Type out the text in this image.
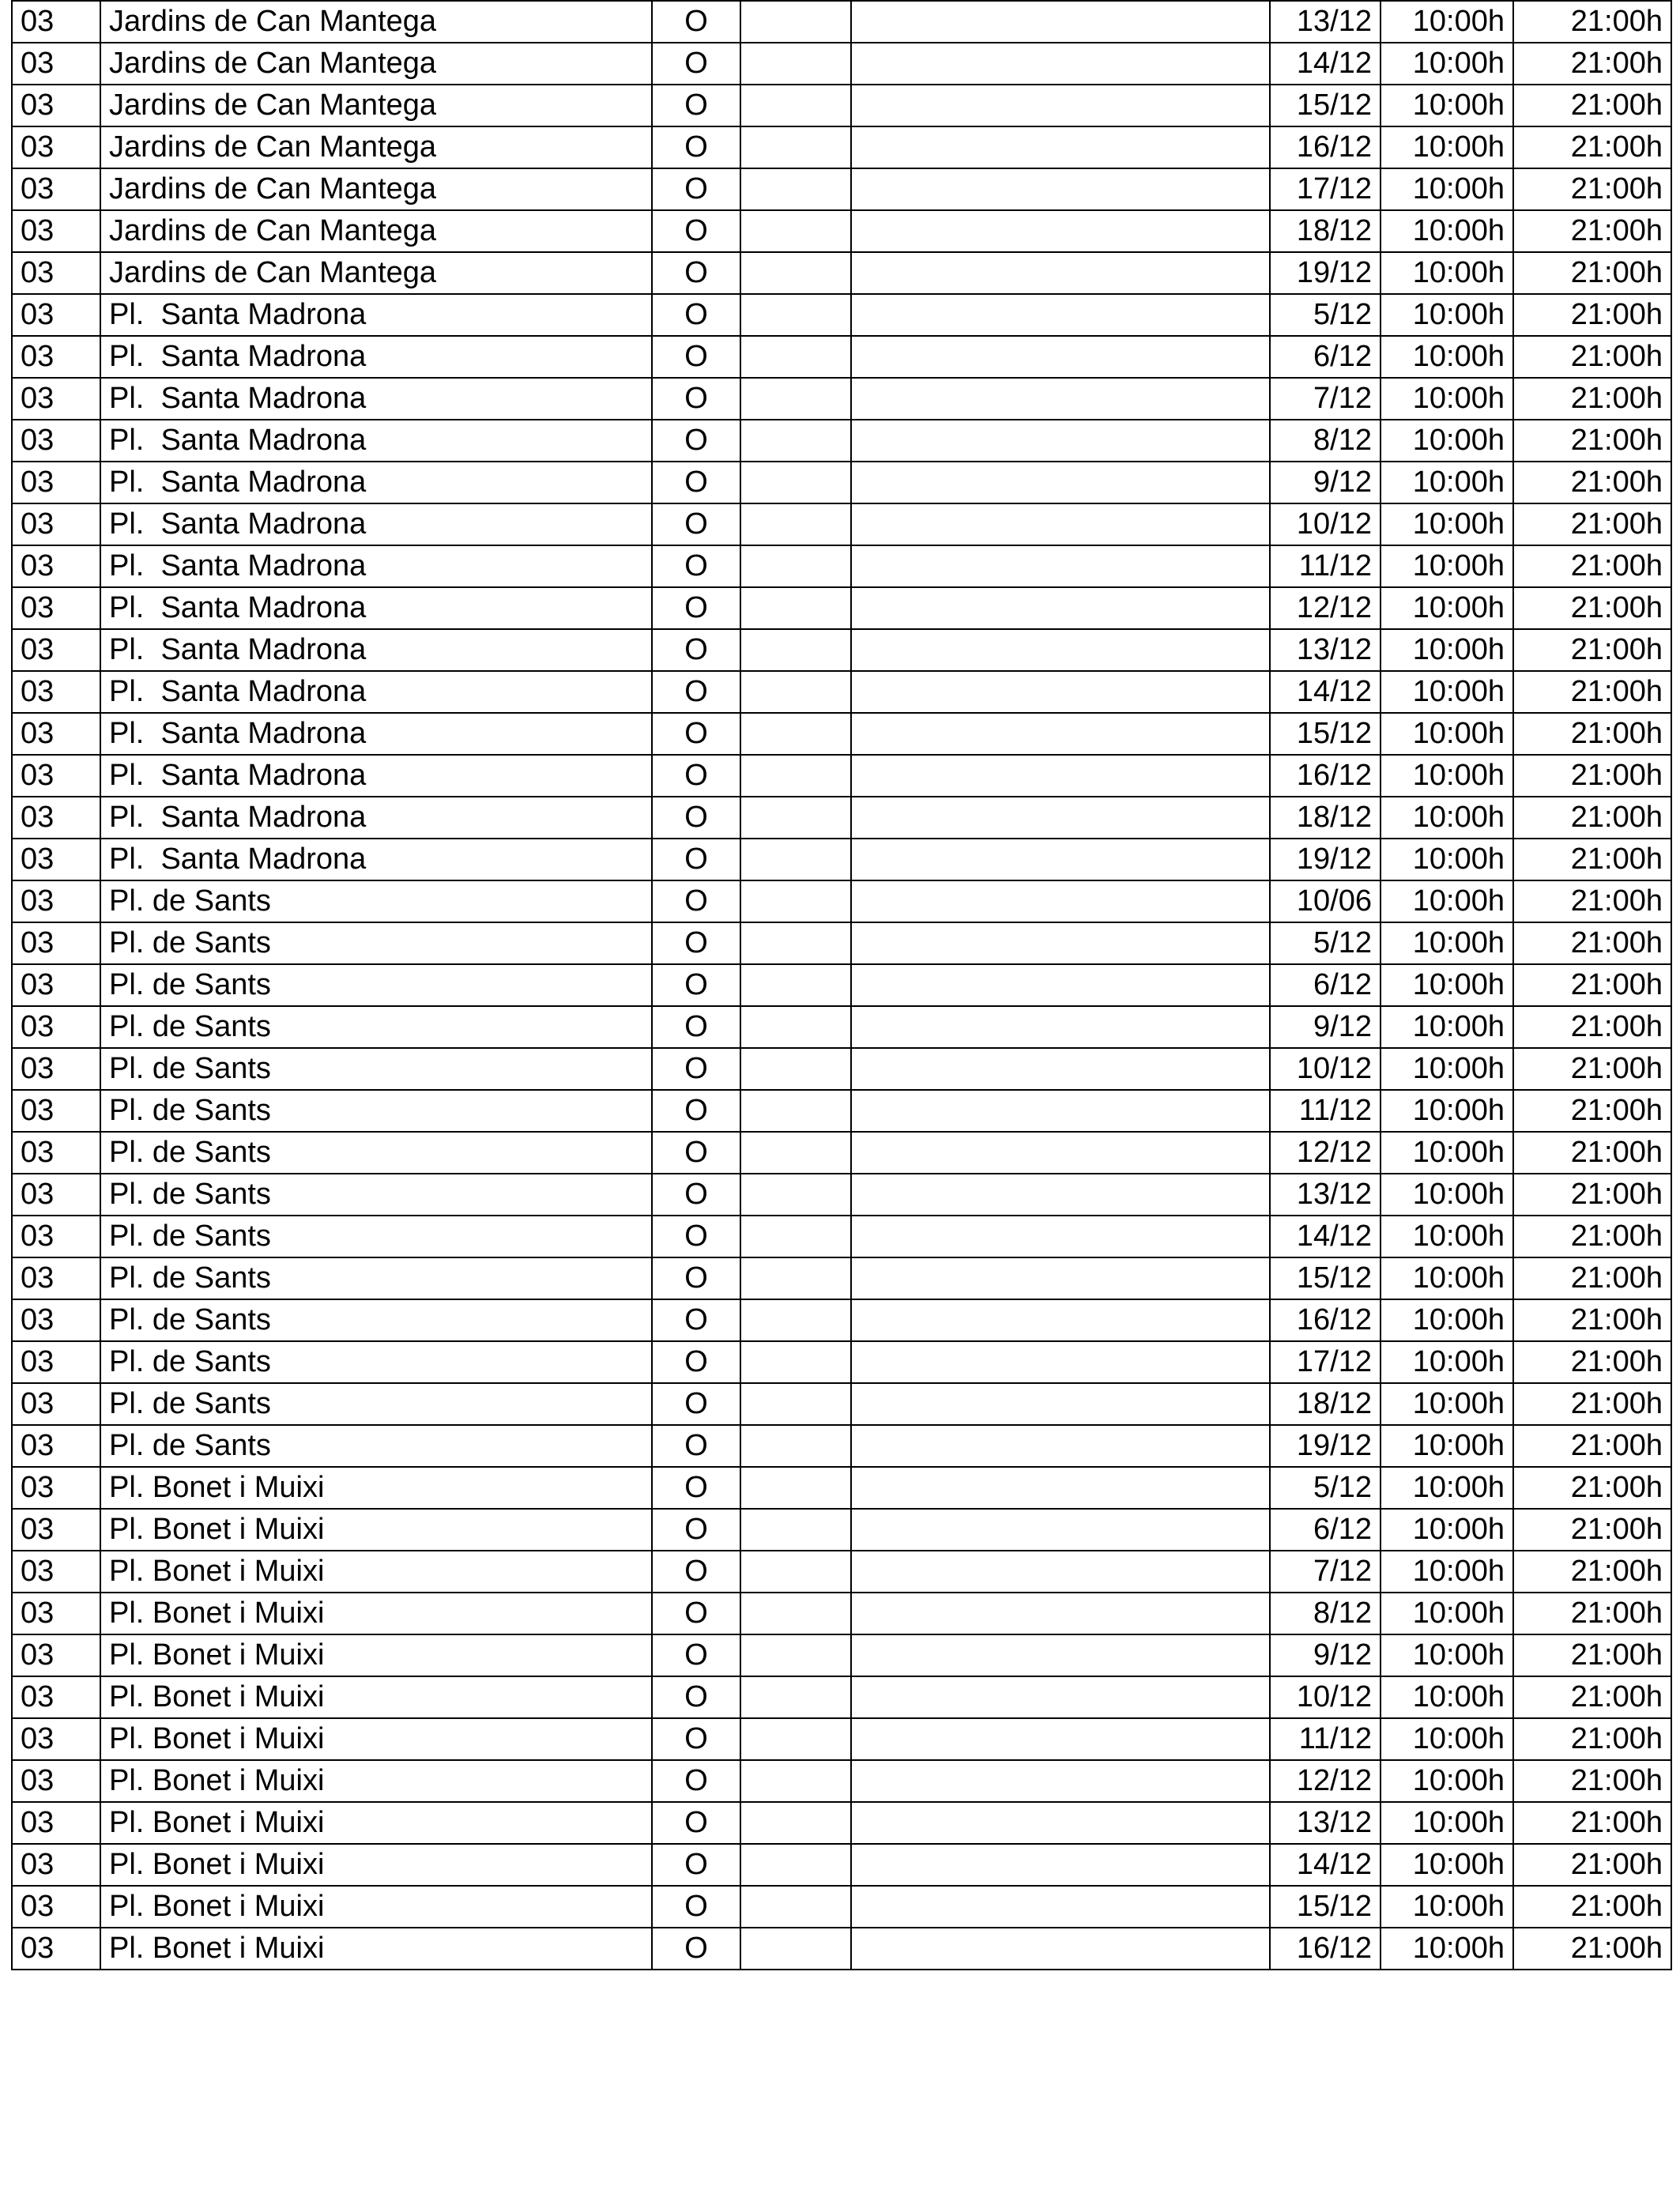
03	Jardins de Can Mantega	O			13/12	10:00h	21:00h
03	Jardins de Can Mantega	O			14/12	10:00h	21:00h
03	Jardins de Can Mantega	O			15/12	10:00h	21:00h
03	Jardins de Can Mantega	O			16/12	10:00h	21:00h
03	Jardins de Can Mantega	O			17/12	10:00h	21:00h
03	Jardins de Can Mantega	O			18/12	10:00h	21:00h
03	Jardins de Can Mantega	O			19/12	10:00h	21:00h
03	Pl.  Santa Madrona	O			5/12	10:00h	21:00h
03	Pl.  Santa Madrona	O			6/12	10:00h	21:00h
03	Pl.  Santa Madrona	O			7/12	10:00h	21:00h
03	Pl.  Santa Madrona	O			8/12	10:00h	21:00h
03	Pl.  Santa Madrona	O			9/12	10:00h	21:00h
03	Pl.  Santa Madrona	O			10/12	10:00h	21:00h
03	Pl.  Santa Madrona	O			11/12	10:00h	21:00h
03	Pl.  Santa Madrona	O			12/12	10:00h	21:00h
03	Pl.  Santa Madrona	O			13/12	10:00h	21:00h
03	Pl.  Santa Madrona	O			14/12	10:00h	21:00h
03	Pl.  Santa Madrona	O			15/12	10:00h	21:00h
03	Pl.  Santa Madrona	O			16/12	10:00h	21:00h
03	Pl.  Santa Madrona	O			18/12	10:00h	21:00h
03	Pl.  Santa Madrona	O			19/12	10:00h	21:00h
03	Pl. de Sants	O			10/06	10:00h	21:00h
03	Pl. de Sants	O			5/12	10:00h	21:00h
03	Pl. de Sants	O			6/12	10:00h	21:00h
03	Pl. de Sants	O			9/12	10:00h	21:00h
03	Pl. de Sants	O			10/12	10:00h	21:00h
03	Pl. de Sants	O			11/12	10:00h	21:00h
03	Pl. de Sants	O			12/12	10:00h	21:00h
03	Pl. de Sants	O			13/12	10:00h	21:00h
03	Pl. de Sants	O			14/12	10:00h	21:00h
03	Pl. de Sants	O			15/12	10:00h	21:00h
03	Pl. de Sants	O			16/12	10:00h	21:00h
03	Pl. de Sants	O			17/12	10:00h	21:00h
03	Pl. de Sants	O			18/12	10:00h	21:00h
03	Pl. de Sants	O			19/12	10:00h	21:00h
03	Pl. Bonet i Muixi	O			5/12	10:00h	21:00h
03	Pl. Bonet i Muixi	O			6/12	10:00h	21:00h
03	Pl. Bonet i Muixi	O			7/12	10:00h	21:00h
03	Pl. Bonet i Muixi	O			8/12	10:00h	21:00h
03	Pl. Bonet i Muixi	O			9/12	10:00h	21:00h
03	Pl. Bonet i Muixi	O			10/12	10:00h	21:00h
03	Pl. Bonet i Muixi	O			11/12	10:00h	21:00h
03	Pl. Bonet i Muixi	O			12/12	10:00h	21:00h
03	Pl. Bonet i Muixi	O			13/12	10:00h	21:00h
03	Pl. Bonet i Muixi	O			14/12	10:00h	21:00h
03	Pl. Bonet i Muixi	O			15/12	10:00h	21:00h
03	Pl. Bonet i Muixi	O			16/12	10:00h	21:00h
